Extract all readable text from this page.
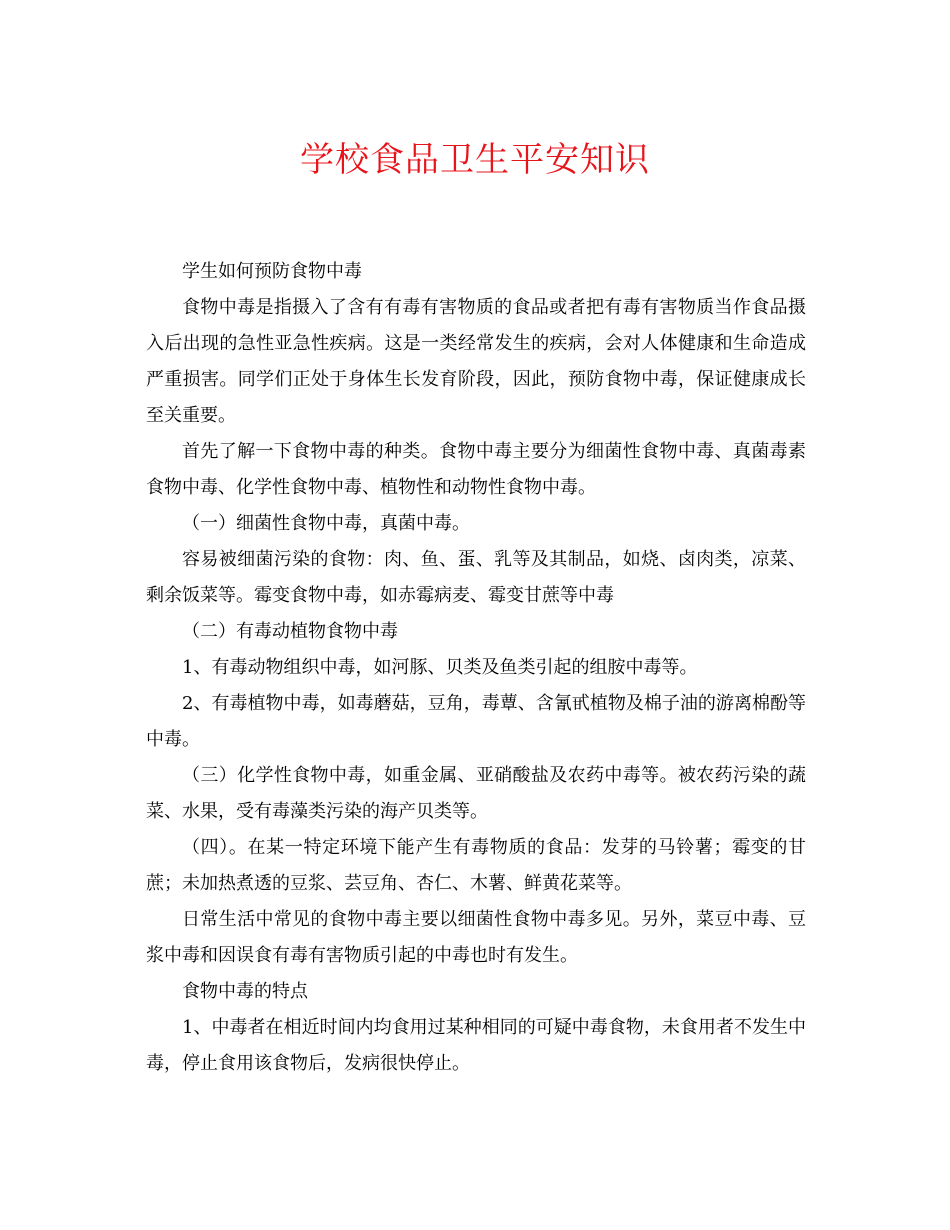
学校食品卫生平安知识

学生如何预防食物中毒

食物中毒是指摄入了含有有毒有害物质的食品或者把有毒有害物质当作食品摄入后出现的急性亚急性疾病。这是一类经常发生的疾病，会对人体健康和生命造成严重损害。同学们正处于身体生长发育阶段，因此，预防食物中毒，保证健康成长至关重要。

首先了解一下食物中毒的种类。食物中毒主要分为细菌性食物中毒、真菌毒素食物中毒、化学性食物中毒、植物性和动物性食物中毒。

（一）细菌性食物中毒，真菌中毒。

容易被细菌污染的食物：肉、鱼、蛋、乳等及其制品，如烧、卤肉类，凉菜、剩余饭菜等。霉变食物中毒，如赤霉病麦、霉变甘蔗等中毒

（二）有毒动植物食物中毒

1、有毒动物组织中毒，如河豚、贝类及鱼类引起的组胺中毒等。

2、有毒植物中毒，如毒蘑菇，豆角，毒蕈、含氰甙植物及棉子油的游离棉酚等中毒。

（三）化学性食物中毒，如重金属、亚硝酸盐及农药中毒等。被农药污染的蔬菜、水果，受有毒藻类污染的海产贝类等。

（四）。在某一特定环境下能产生有毒物质的食品：发芽的马铃薯；霉变的甘蔗；未加热煮透的豆浆、芸豆角、杏仁、木薯、鲜黄花菜等。

日常生活中常见的食物中毒主要以细菌性食物中毒多见。另外，菜豆中毒、豆浆中毒和因误食有毒有害物质引起的中毒也时有发生。

食物中毒的特点

1、中毒者在相近时间内均食用过某种相同的可疑中毒食物，未食用者不发生中毒，停止食用该食物后，发病很快停止。
